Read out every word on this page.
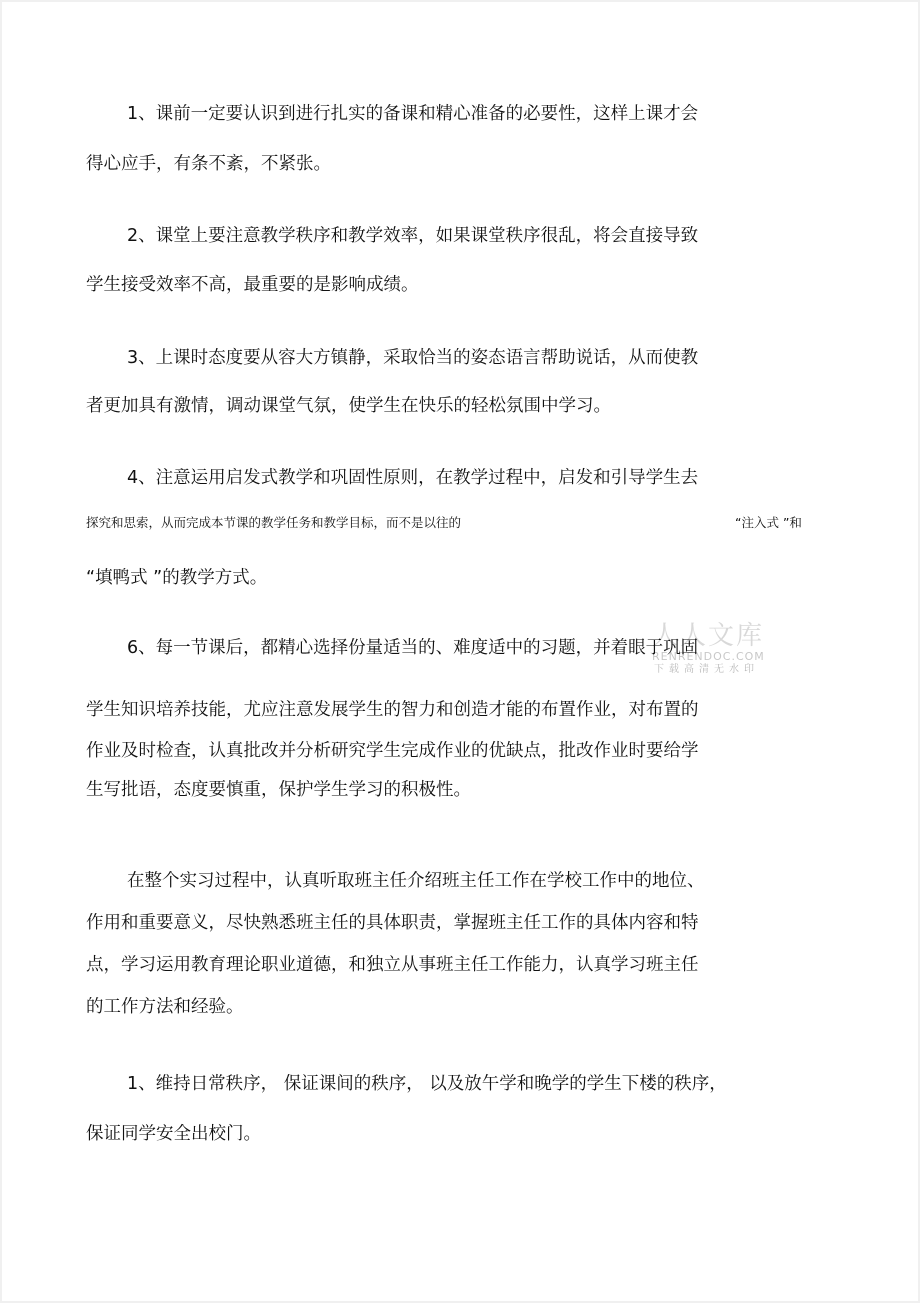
1、课前一定要认识到进行扎实的备课和精心准备的必要性，这样上课才会
得心应手，有条不紊，不紧张。
2、课堂上要注意教学秩序和教学效率，如果课堂秩序很乱，将会直接导致
学生接受效率不高，最重要的是影响成绩。
3、上课时态度要从容大方镇静，采取恰当的姿态语言帮助说话，从而使教
者更加具有激情，调动课堂气氛，使学生在快乐的轻松氛围中学习。
4、注意运用启发式教学和巩固性原则，在教学过程中，启发和引导学生去
探究和思索，从而完成本节课的教学任务和教学目标，而不是以往的	“注入式 ”和
“填鸭式 ”的教学方式。
人人文库
RENRENDOC.COM
下载高清无水印
6、每一节课后，都精心选择份量适当的、难度适中的习题，并着眼于巩固
学生知识培养技能，尤应注意发展学生的智力和创造才能的布置作业，对布置的
作业及时检查，认真批改并分析研究学生完成作业的优缺点，批改作业时要给学
生写批语，态度要慎重，保护学生学习的积极性。
在整个实习过程中，认真听取班主任介绍班主任工作在学校工作中的地位、
作用和重要意义，尽快熟悉班主任的具体职责，掌握班主任工作的具体内容和特
点，学习运用教育理论职业道德，和独立从事班主任工作能力，认真学习班主任
的工作方法和经验。
1、维持日常秩序， 保证课间的秩序， 以及放午学和晚学的学生下楼的秩序，
保证同学安全出校门。
